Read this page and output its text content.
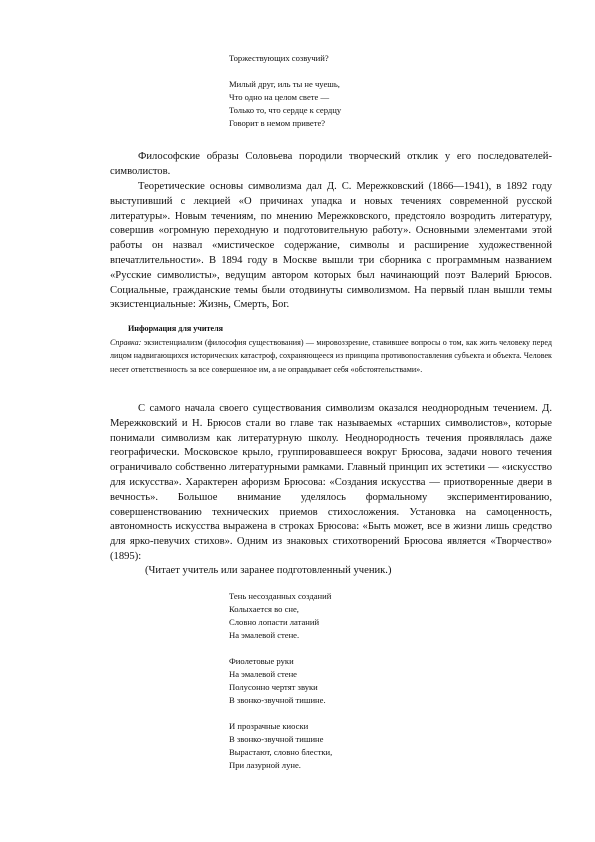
Торжествующих созвучий?

Милый друг, иль ты не чуешь,
Что одно на целом свете —
Только то, что сердце к сердцу
Говорит в немом привете?

Философские образы Соловьева породили творческий отклик у его последователей-символистов.

Теоретические основы символизма дал Д. С. Мережковский (1866—1941), в 1892 году выступивший с лекцией «О причинах упадка и новых течениях современной русской литературы». Новым течениям, по мнению Мережковского, предстояло возродить литературу, совершив «огромную переходную и подготовительную работу». Основными элементами этой работы он назвал «мистическое содержание, символы и расширение художественной впечатлительности». В 1894 году в Москве вышли три сборника с программным названием «Русские символисты», ведущим автором которых был начинающий поэт Валерий Брюсов. Социальные, гражданские темы были отодвинуты символизмом. На первый план вышли темы экзистенциальные: Жизнь, Смерть, Бог.

Информация для учителя

Справка: экзистенциализм (философия существования) — мировоззрение, ставившее вопросы о том, как жить человеку перед лицом надвигающихся исторических катастроф, сохраняющееся из принципа противопоставления субъекта и объекта. Человек несет ответственность за все совершенное им, а не оправдывает себя «обстоятельствами».

С самого начала своего существования символизм оказался неоднородным течением. Д. Мережковский и Н. Брюсов стали во главе так называемых «старших символистов», которые понимали символизм как литературную школу. Неоднородность течения проявлялась даже географически. Московское крыло, группировавшееся вокруг Брюсова, задачи нового течения ограничивало собственно литературными рамками. Главный принцип их эстетики — «искусство для искусства». Характерен афоризм Брюсова: «Создания искусства — приотворенные двери в вечность». Большое внимание уделялось формальному экспериментированию, совершенствованию технических приемов стихосложения. Установка на самоценность, автономность искусства выражена в строках Брюсова: «Быть может, все в жизни лишь средство для ярко-певучих стихов». Одним из знаковых стихотворений Брюсова является «Творчество» (1895):

(Читает учитель или заранее подготовленный ученик.)
Тень несозданных созданий
Колыхается во сне,
Словно лопасти латаний
На эмалевой стене.
Фиолетовые руки
На эмалевой стене
Полусонно чертят звуки
В звонко-звучной тишине.
И прозрачные киоски
В звонко-звучной тишине
Вырастают, словно блестки,
При лазурной луне.
